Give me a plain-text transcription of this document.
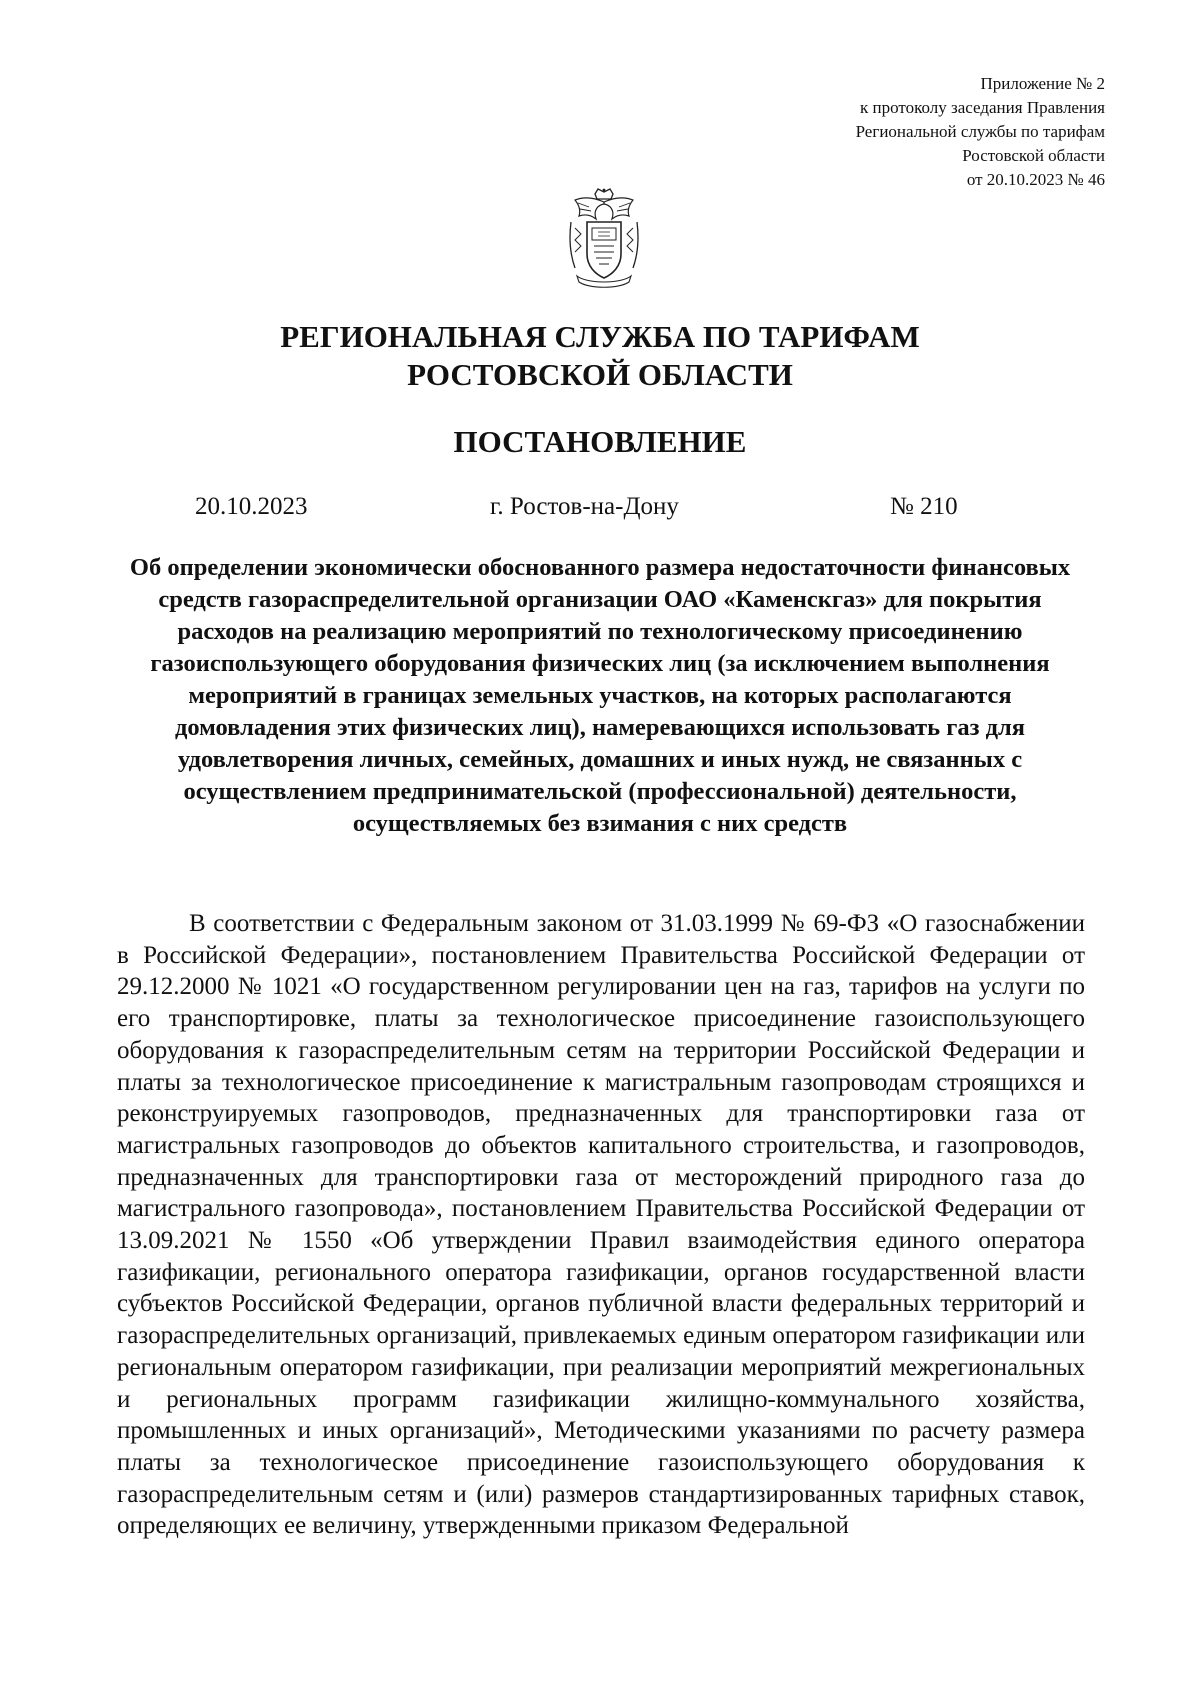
Приложение № 2
к протоколу заседания Правления
Региональной службы по тарифам
Ростовской области
от 20.10.2023 № 46
РЕГИОНАЛЬНАЯ СЛУЖБА ПО ТАРИФАМ
РОСТОВСКОЙ ОБЛАСТИ
ПОСТАНОВЛЕНИЕ
20.10.2023	г. Ростов-на-Дону	№ 210
Об определении экономически обоснованного размера недостаточности финансовых средств газораспределительной организации ОАО «Каменскгаз» для покрытия расходов на реализацию мероприятий по технологическому присоединению газоиспользующего оборудования физических лиц (за исключением выполнения мероприятий в границах земельных участков, на которых располагаются домовладения этих физических лиц), намеревающихся использовать газ для удовлетворения личных, семейных, домашних и иных нужд, не связанных с осуществлением предпринимательской (профессиональной) деятельности, осуществляемых без взимания с них средств
В соответствии с Федеральным законом от 31.03.1999 № 69-ФЗ «О газоснабжении в Российской Федерации», постановлением Правительства Российской Федерации от 29.12.2000 № 1021 «О государственном регулировании цен на газ, тарифов на услуги по его транспортировке, платы за технологическое присоединение газоиспользующего оборудования к газораспределительным сетям на территории Российской Федерации и платы за технологическое присоединение к магистральным газопроводам строящихся и реконструируемых газопроводов, предназначенных для транспортировки газа от магистральных газопроводов до объектов капитального строительства, и газопроводов, предназначенных для транспортировки газа от месторождений природного газа до магистрального газопровода», постановлением Правительства Российской Федерации от 13.09.2021 № 1550 «Об утверждении Правил взаимодействия единого оператора газификации, регионального оператора газификации, органов государственной власти субъектов Российской Федерации, органов публичной власти федеральных территорий и газораспределительных организаций, привлекаемых единым оператором газификации или региональным оператором газификации, при реализации мероприятий межрегиональных и региональных программ газификации жилищно-коммунального хозяйства, промышленных и иных организаций», Методическими указаниями по расчету размера платы за технологическое присоединение газоиспользующего оборудования к газораспределительным сетям и (или) размеров стандартизированных тарифных ставок, определяющих ее величину, утвержденными приказом Федеральной
